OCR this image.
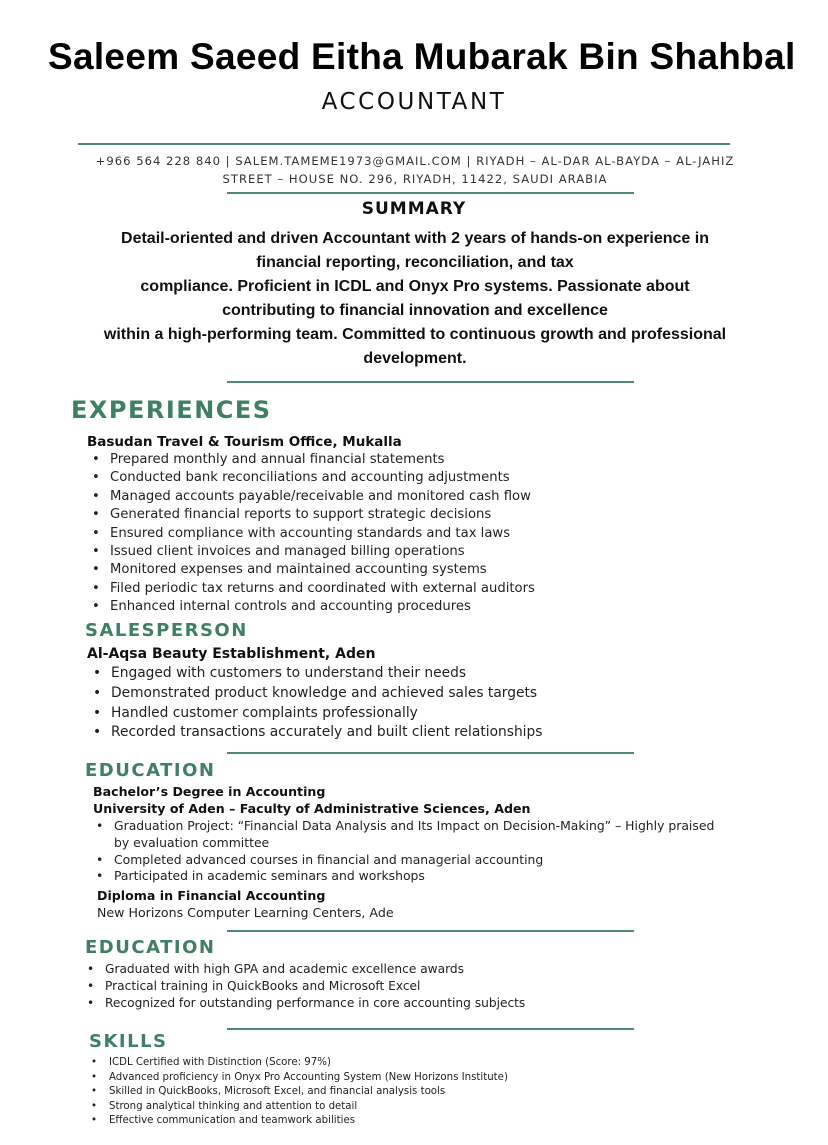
Saleem Saeed Eitha Mubarak Bin Shahbal
ACCOUNTANT
+966 564 228 840 | SALEM.TAMEME1973@GMAIL.COM | RIYADH – AL-DAR AL-BAYDA – AL-JAHIZ
STREET – HOUSE NO. 296, RIYADH, 11422, SAUDI ARABIA
SUMMARY
Detail-oriented and driven Accountant with 2 years of hands-on experience in
financial reporting, reconciliation, and tax
compliance. Proficient in ICDL and Onyx Pro systems. Passionate about
contributing to financial innovation and excellence
within a high-performing team. Committed to continuous growth and professional
development.
EXPERIENCES
Basudan Travel & Tourism Office, Mukalla
• Prepared monthly and annual financial statements
• Conducted bank reconciliations and accounting adjustments
• Managed accounts payable/receivable and monitored cash flow
• Generated financial reports to support strategic decisions
• Ensured compliance with accounting standards and tax laws
• Issued client invoices and managed billing operations
• Monitored expenses and maintained accounting systems
• Filed periodic tax returns and coordinated with external auditors
• Enhanced internal controls and accounting procedures
SALESPERSON
Al-Aqsa Beauty Establishment, Aden
• Engaged with customers to understand their needs
• Demonstrated product knowledge and achieved sales targets
• Handled customer complaints professionally
• Recorded transactions accurately and built client relationships
EDUCATION
Bachelor’s Degree in Accounting
University of Aden – Faculty of Administrative Sciences, Aden
• Graduation Project: “Financial Data Analysis and Its Impact on Decision-Making” – Highly praised by evaluation committee
• Completed advanced courses in financial and managerial accounting
• Participated in academic seminars and workshops
Diploma in Financial Accounting
New Horizons Computer Learning Centers, Ade
EDUCATION
• Graduated with high GPA and academic excellence awards
• Practical training in QuickBooks and Microsoft Excel
• Recognized for outstanding performance in core accounting subjects
SKILLS
• ICDL Certified with Distinction (Score: 97%)
• Advanced proficiency in Onyx Pro Accounting System (New Horizons Institute)
• Skilled in QuickBooks, Microsoft Excel, and financial analysis tools
• Strong analytical thinking and attention to detail
• Effective communication and teamwork abilities
